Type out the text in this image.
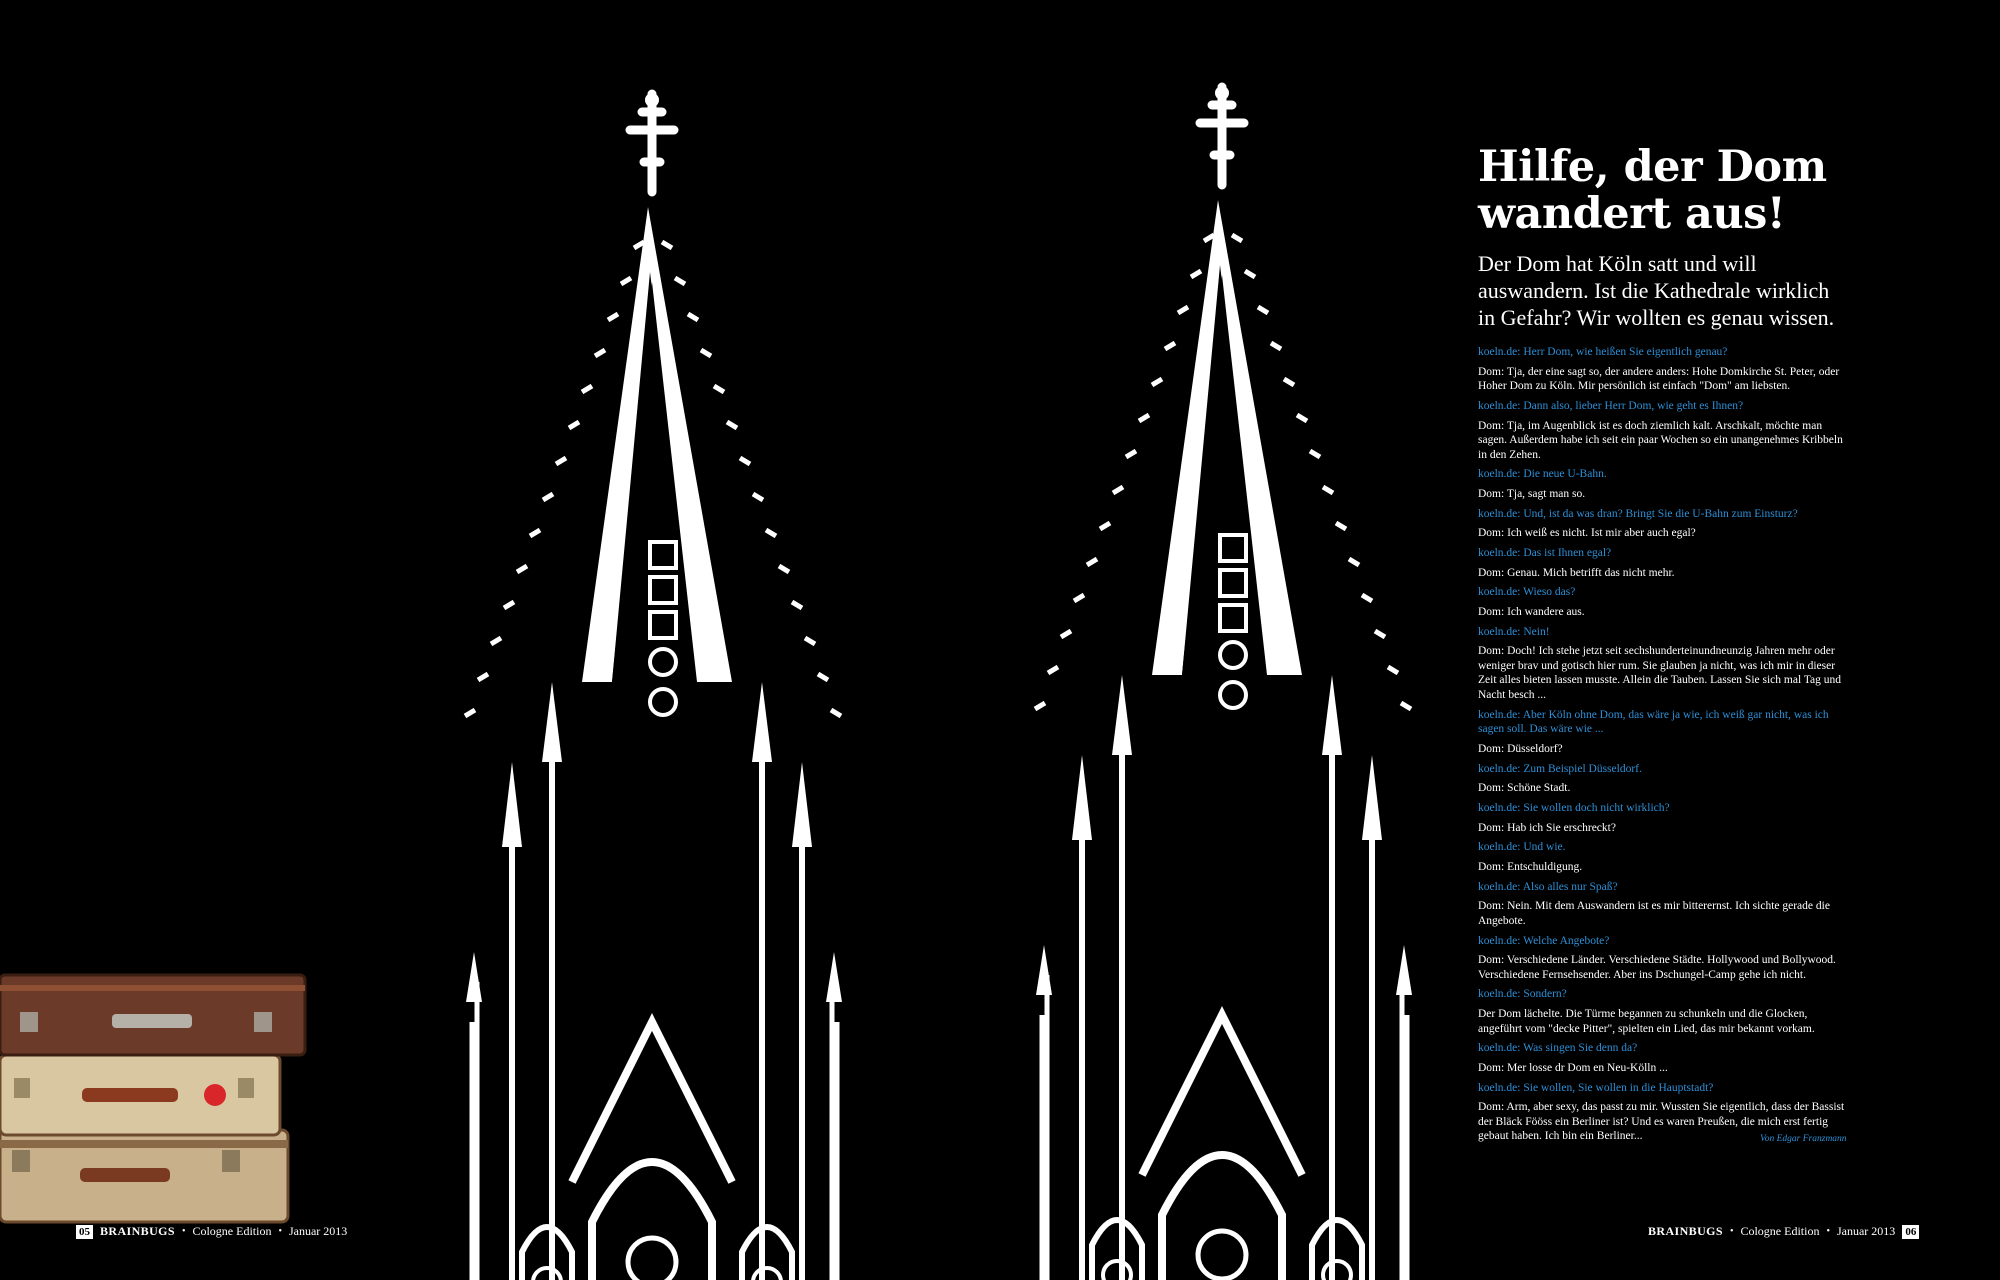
Hilfe, der Dom wandert aus!

Der Dom hat Köln satt und will auswandern. Ist die Kathedrale wirklich in Gefahr? Wir wollten es genau wissen.

koeln.de: Herr Dom, wie heißen Sie eigentlich genau?

Dom: Tja, der eine sagt so, der andere anders: Hohe Domkirche St. Peter, oder Hoher Dom zu Köln. Mir persönlich ist einfach "Dom" am liebsten.

koeln.de: Dann also, lieber Herr Dom, wie geht es Ihnen?

Dom: Tja, im Augenblick ist es doch ziemlich kalt. Arschkalt, möchte man sagen. Außerdem habe ich seit ein paar Wochen so ein unangenehmes Kribbeln in den Zehen.

koeln.de: Die neue U-Bahn.

Dom: Tja, sagt man so.

koeln.de: Und, ist da was dran? Bringt Sie die U-Bahn zum Einsturz?

Dom: Ich weiß es nicht. Ist mir aber auch egal?

koeln.de: Das ist Ihnen egal?

Dom: Genau. Mich betrifft das nicht mehr.

koeln.de: Wieso das?

Dom: Ich wandere aus.

koeln.de: Nein!

Dom: Doch! Ich stehe jetzt seit sechshunderteinundneunzig Jahren mehr oder weniger brav und gotisch hier rum. Sie glauben ja nicht, was ich mir in dieser Zeit alles bieten lassen musste. Allein die Tauben. Lassen Sie sich mal Tag und Nacht besch ...

koeln.de: Aber Köln ohne Dom, das wäre ja wie, ich weiß gar nicht, was ich sagen soll. Das wäre wie ...

Dom: Düsseldorf?

koeln.de: Zum Beispiel Düsseldorf.

Dom: Schöne Stadt.

koeln.de: Sie wollen doch nicht wirklich?

Dom: Hab ich Sie erschreckt?

koeln.de: Und wie.

Dom: Entschuldigung.

koeln.de: Also alles nur Spaß?

Dom: Nein. Mit dem Auswandern ist es mir bitterernst. Ich sichte gerade die Angebote.

koeln.de: Welche Angebote?

Dom: Verschiedene Länder. Verschiedene Städte. Hollywood und Bollywood. Verschiedene Fernsehsender. Aber ins Dschungel-Camp gehe ich nicht.

koeln.de: Sondern?

Der Dom lächelte. Die Türme begannen zu schunkeln und die Glocken, angeführt vom "decke Pitter", spielten ein Lied, das mir bekannt vorkam.

koeln.de: Was singen Sie denn da?

Dom: Mer losse dr Dom en Neu-Kölln ...

koeln.de: Sie wollen, Sie wollen in die Hauptstadt?

Dom: Arm, aber sexy, das passt zu mir. Wussten Sie eigentlich, dass der Bassist der Bläck Fööss ein Berliner ist? Und es waren Preußen, die mich erst fertig gebaut haben. Ich bin ein Berliner...	Von Edgar Franzmann
05 BRAINBUGS • Cologne Edition • Januar 2013	BRAINBUGS • Cologne Edition • Januar 2013 06
